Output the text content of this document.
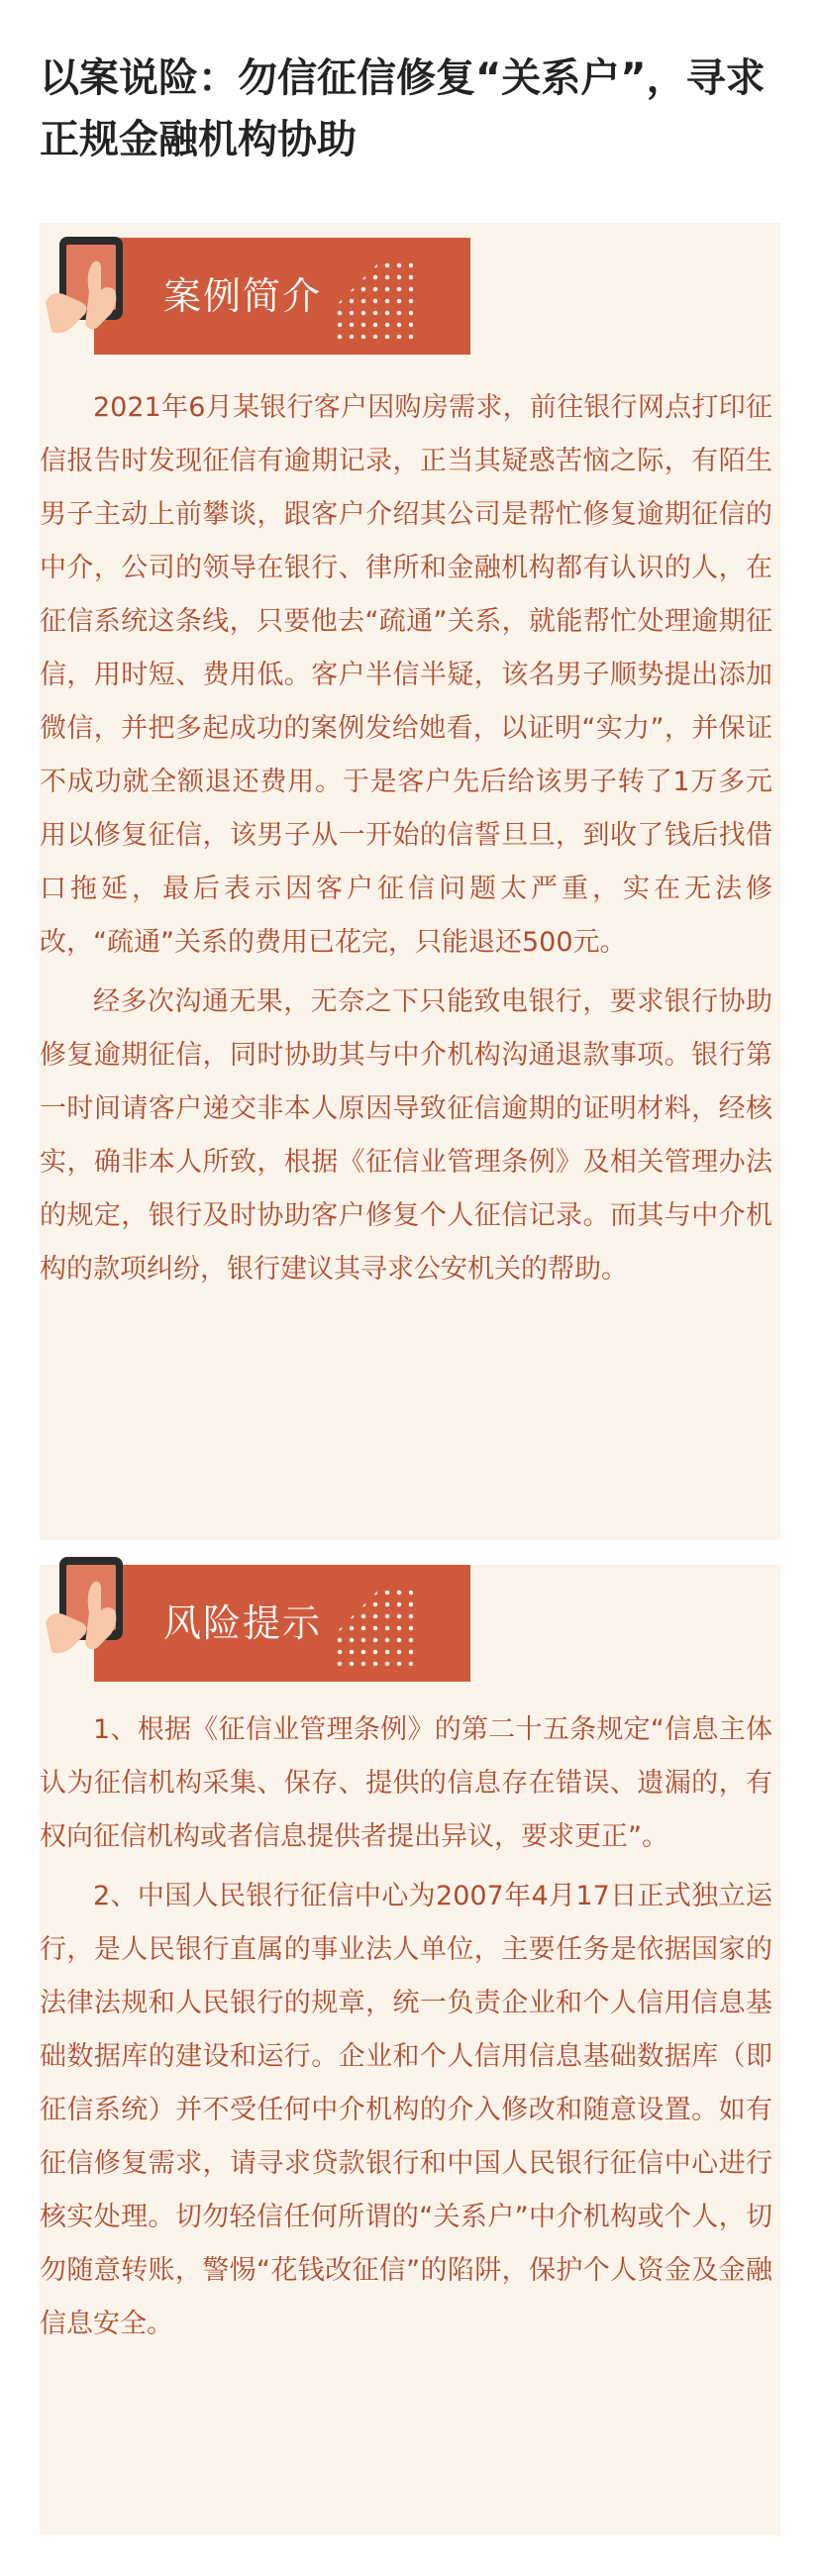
以案说险：勿信征信修复“关系户”，寻求正规金融机构协助
案例简介

2021年6月某银行客户因购房需求，前往银行网点打印征信报告时发现征信有逾期记录，正当其疑惑苦恼之际，有陌生男子主动上前攀谈，跟客户介绍其公司是帮忙修复逾期征信的中介，公司的领导在银行、律所和金融机构都有认识的人，在征信系统这条线，只要他去“疏通”关系，就能帮忙处理逾期征信，用时短、费用低。客户半信半疑，该名男子顺势提出添加微信，并把多起成功的案例发给她看，以证明“实力”，并保证不成功就全额退还费用。于是客户先后给该男子转了1万多元用以修复征信，该男子从一开始的信誓旦旦，到收了钱后找借口拖延，最后表示因客户征信问题太严重，实在无法修改，“疏通”关系的费用已花完，只能退还500元。

经多次沟通无果，无奈之下只能致电银行，要求银行协助修复逾期征信，同时协助其与中介机构沟通退款事项。银行第一时间请客户递交非本人原因导致征信逾期的证明材料，经核实，确非本人所致，根据《征信业管理条例》及相关管理办法的规定，银行及时协助客户修复个人征信记录。而其与中介机构的款项纠纷，银行建议其寻求公安机关的帮助。

风险提示

1、根据《征信业管理条例》的第二十五条规定“信息主体认为征信机构采集、保存、提供的信息存在错误、遗漏的，有权向征信机构或者信息提供者提出异议，要求更正”。

2、中国人民银行征信中心为2007年4月17日正式独立运行，是人民银行直属的事业法人单位，主要任务是依据国家的法律法规和人民银行的规章，统一负责企业和个人信用信息基础数据库的建设和运行。企业和个人信用信息基础数据库（即征信系统）并不受任何中介机构的介入修改和随意设置。如有征信修复需求，请寻求贷款银行和中国人民银行征信中心进行核实处理。切勿轻信任何所谓的“关系户”中介机构或个人，切勿随意转账，警惕“花钱改征信”的陷阱，保护个人资金及金融信息安全。
